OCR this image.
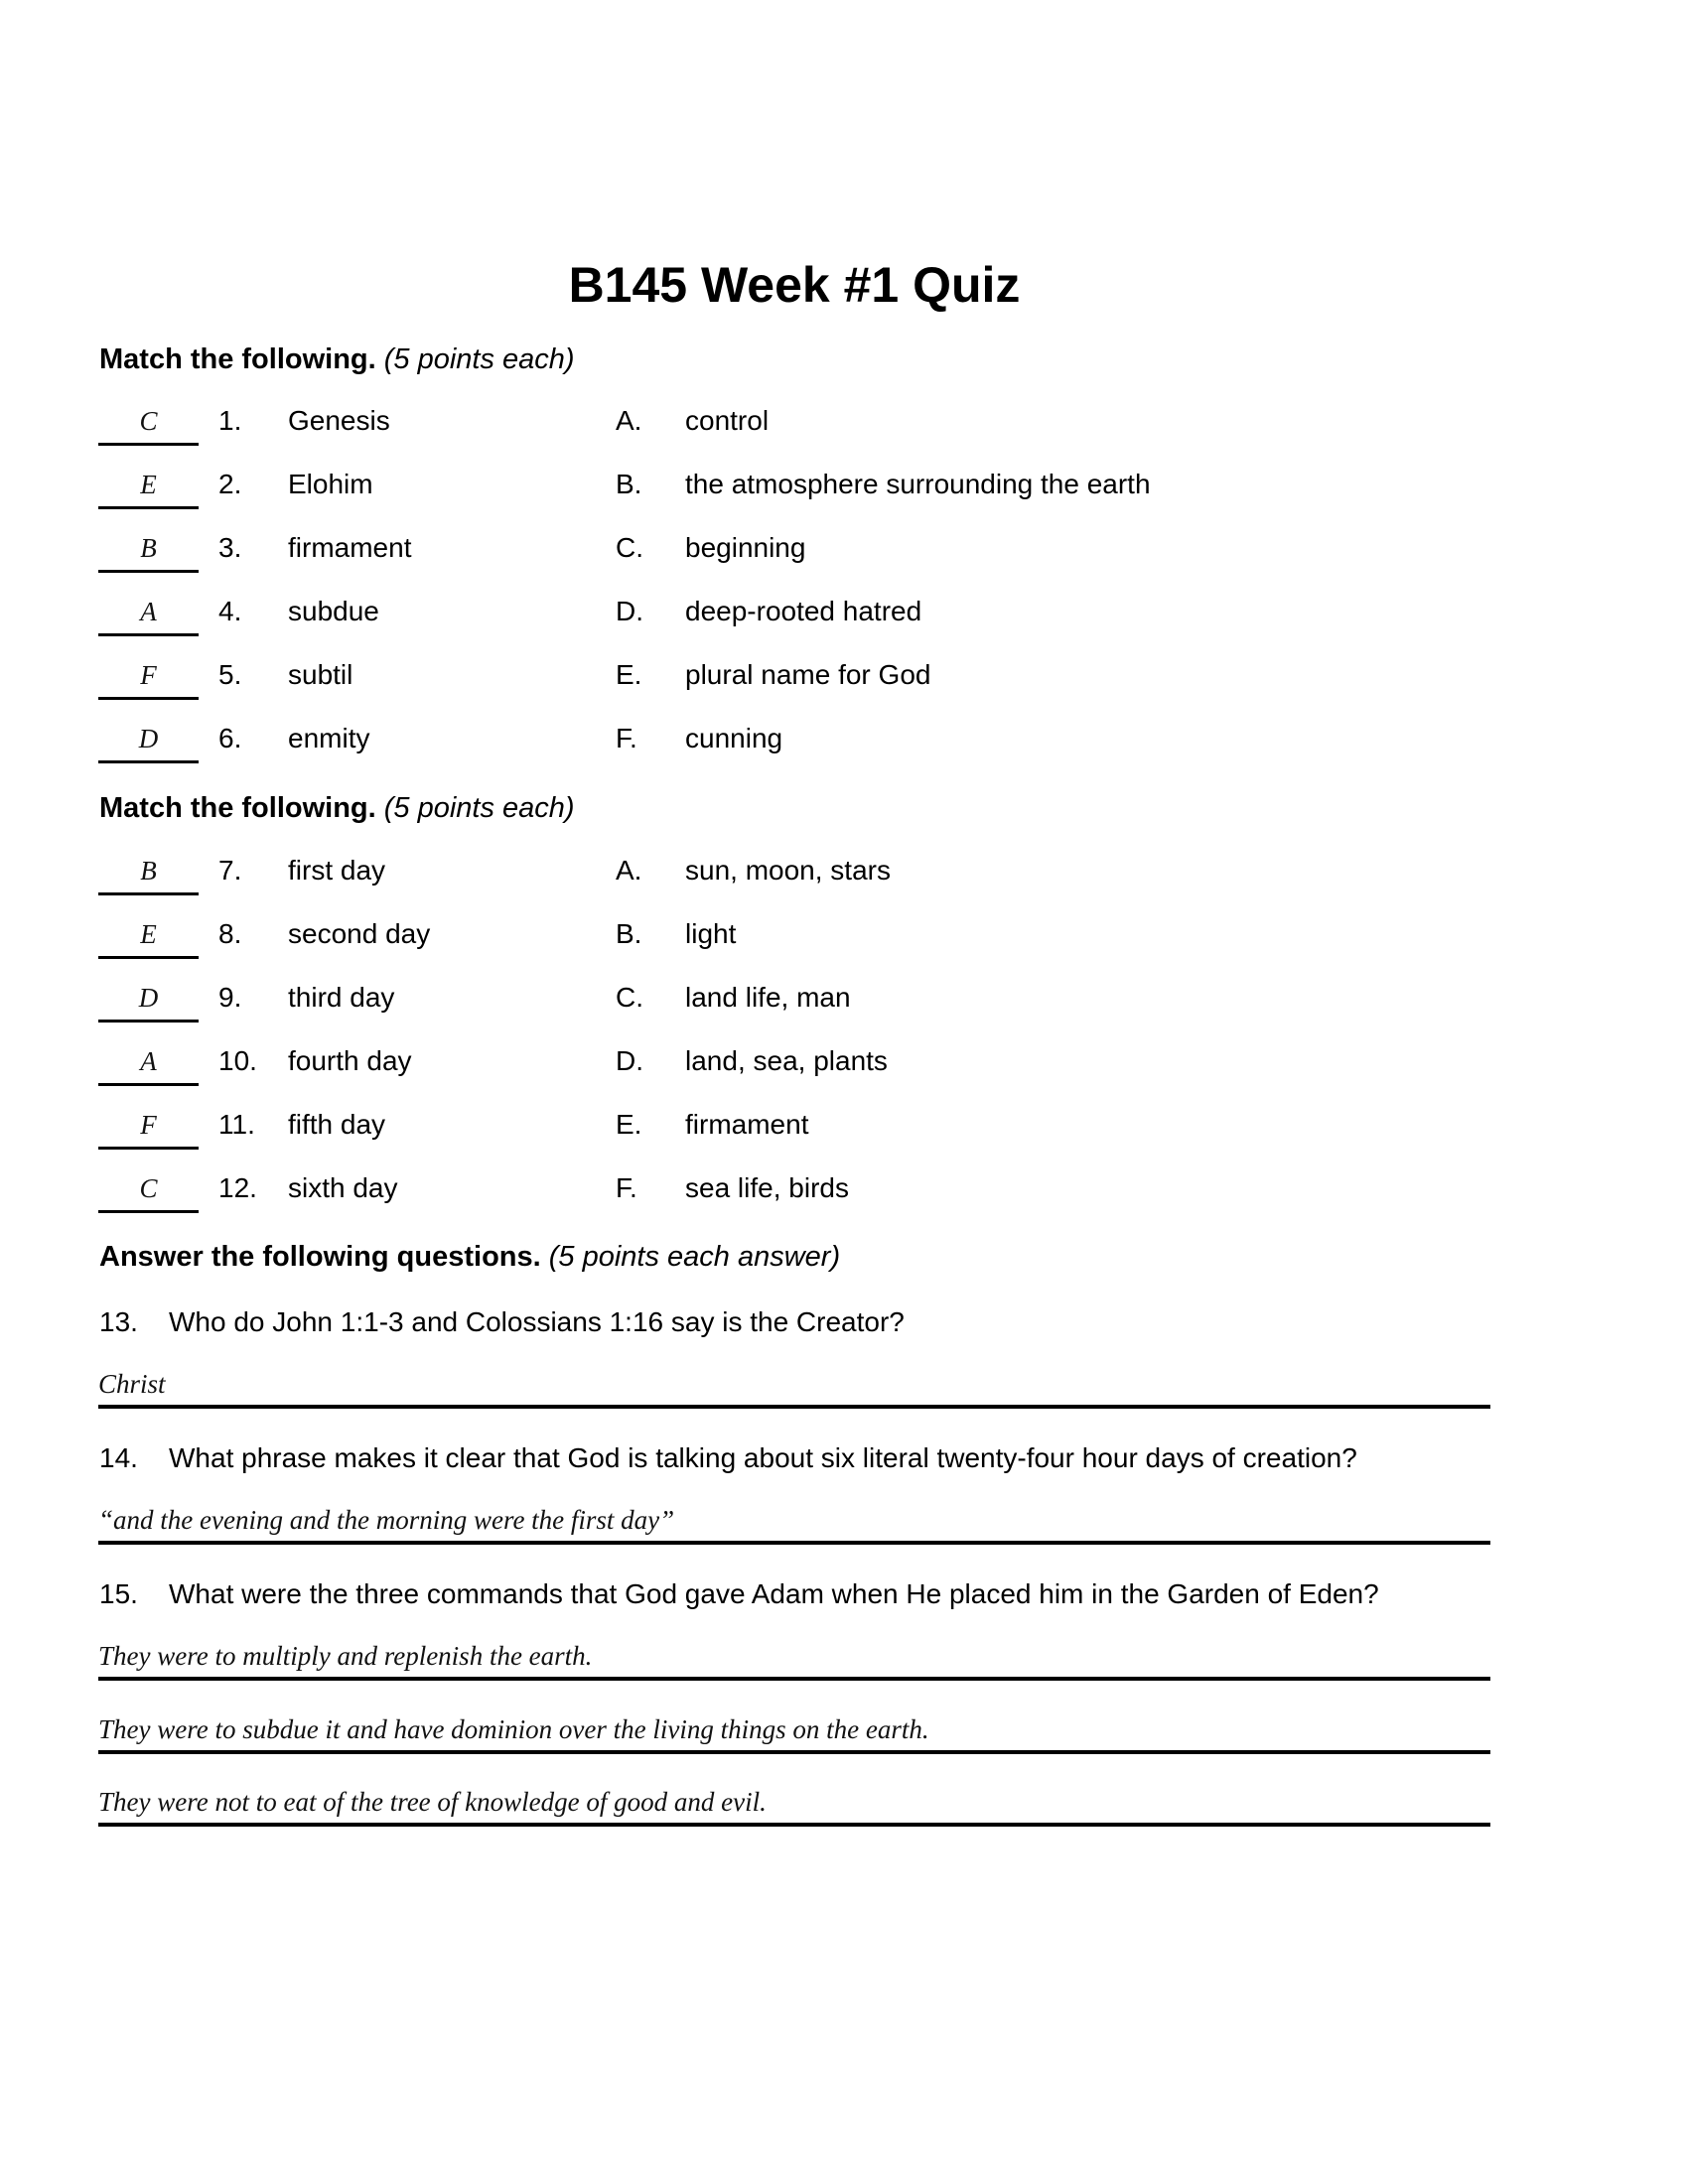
B145 Week #1 Quiz
Match the following. (5 points each)
C	1. Genesis	A. control
E	2. Elohim	B. the atmosphere surrounding the earth
B	3. firmament	C. beginning
A	4. subdue	D. deep-rooted hatred
F	5. subtil	E. plural name for God
D	6. enmity	F. cunning
Match the following. (5 points each)
B	7. first day	A. sun, moon, stars
E	8. second day	B. light
D	9. third day	C. land life, man
A	10. fourth day	D. land, sea, plants
F	11. fifth day	E. firmament
C	12. sixth day	F. sea life, birds
Answer the following questions. (5 points each answer)
13. Who do John 1:1-3 and Colossians 1:16 say is the Creator?
Christ
14. What phrase makes it clear that God is talking about six literal twenty-four hour days of creation?
“and the evening and the morning were the first day”
15. What were the three commands that God gave Adam when He placed him in the Garden of Eden?
They were to multiply and replenish the earth.
They were to subdue it and have dominion over the living things on the earth.
They were not to eat of the tree of knowledge of good and evil.
